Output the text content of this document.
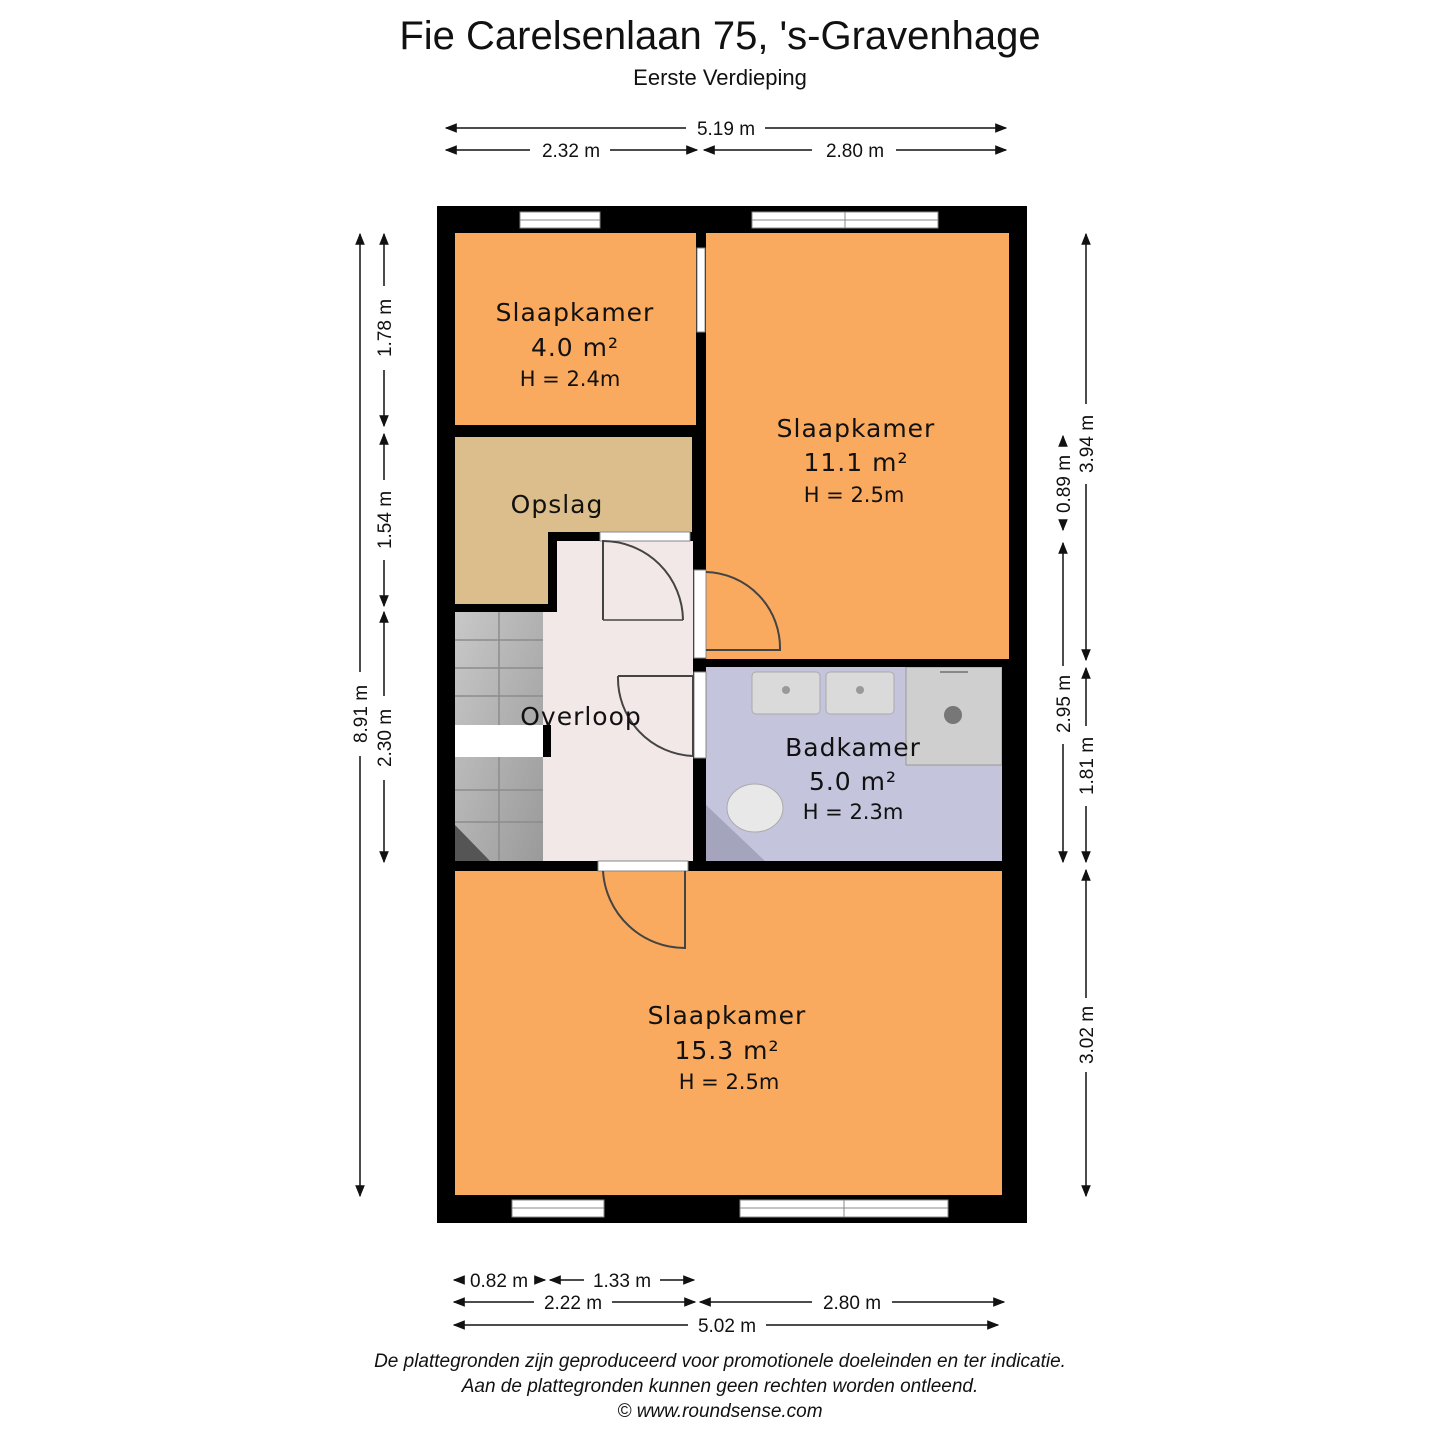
Fie Carelsenlaan 75, 's-Gravenhage
Eerste Verdieping
Slaapkamer
4.0 m²
H = 2.4m
Slaapkamer
11.1 m²
H = 2.5m
Opslag
Overloop
Badkamer
5.0 m²
H = 2.3m
Slaapkamer
15.3 m²
H = 2.5m
5.19 m
2.32 m	2.80 m
8.91 m
1.78 m
1.54 m
2.30 m
3.94 m
0.89 m
2.95 m
1.81 m
3.02 m
0.82 m	1.33 m
2.22 m	2.80 m
5.02 m
De plattegronden zijn geproduceerd voor promotionele doeleinden en ter indicatie.
Aan de plattegronden kunnen geen rechten worden ontleend.
© www.roundsense.com
